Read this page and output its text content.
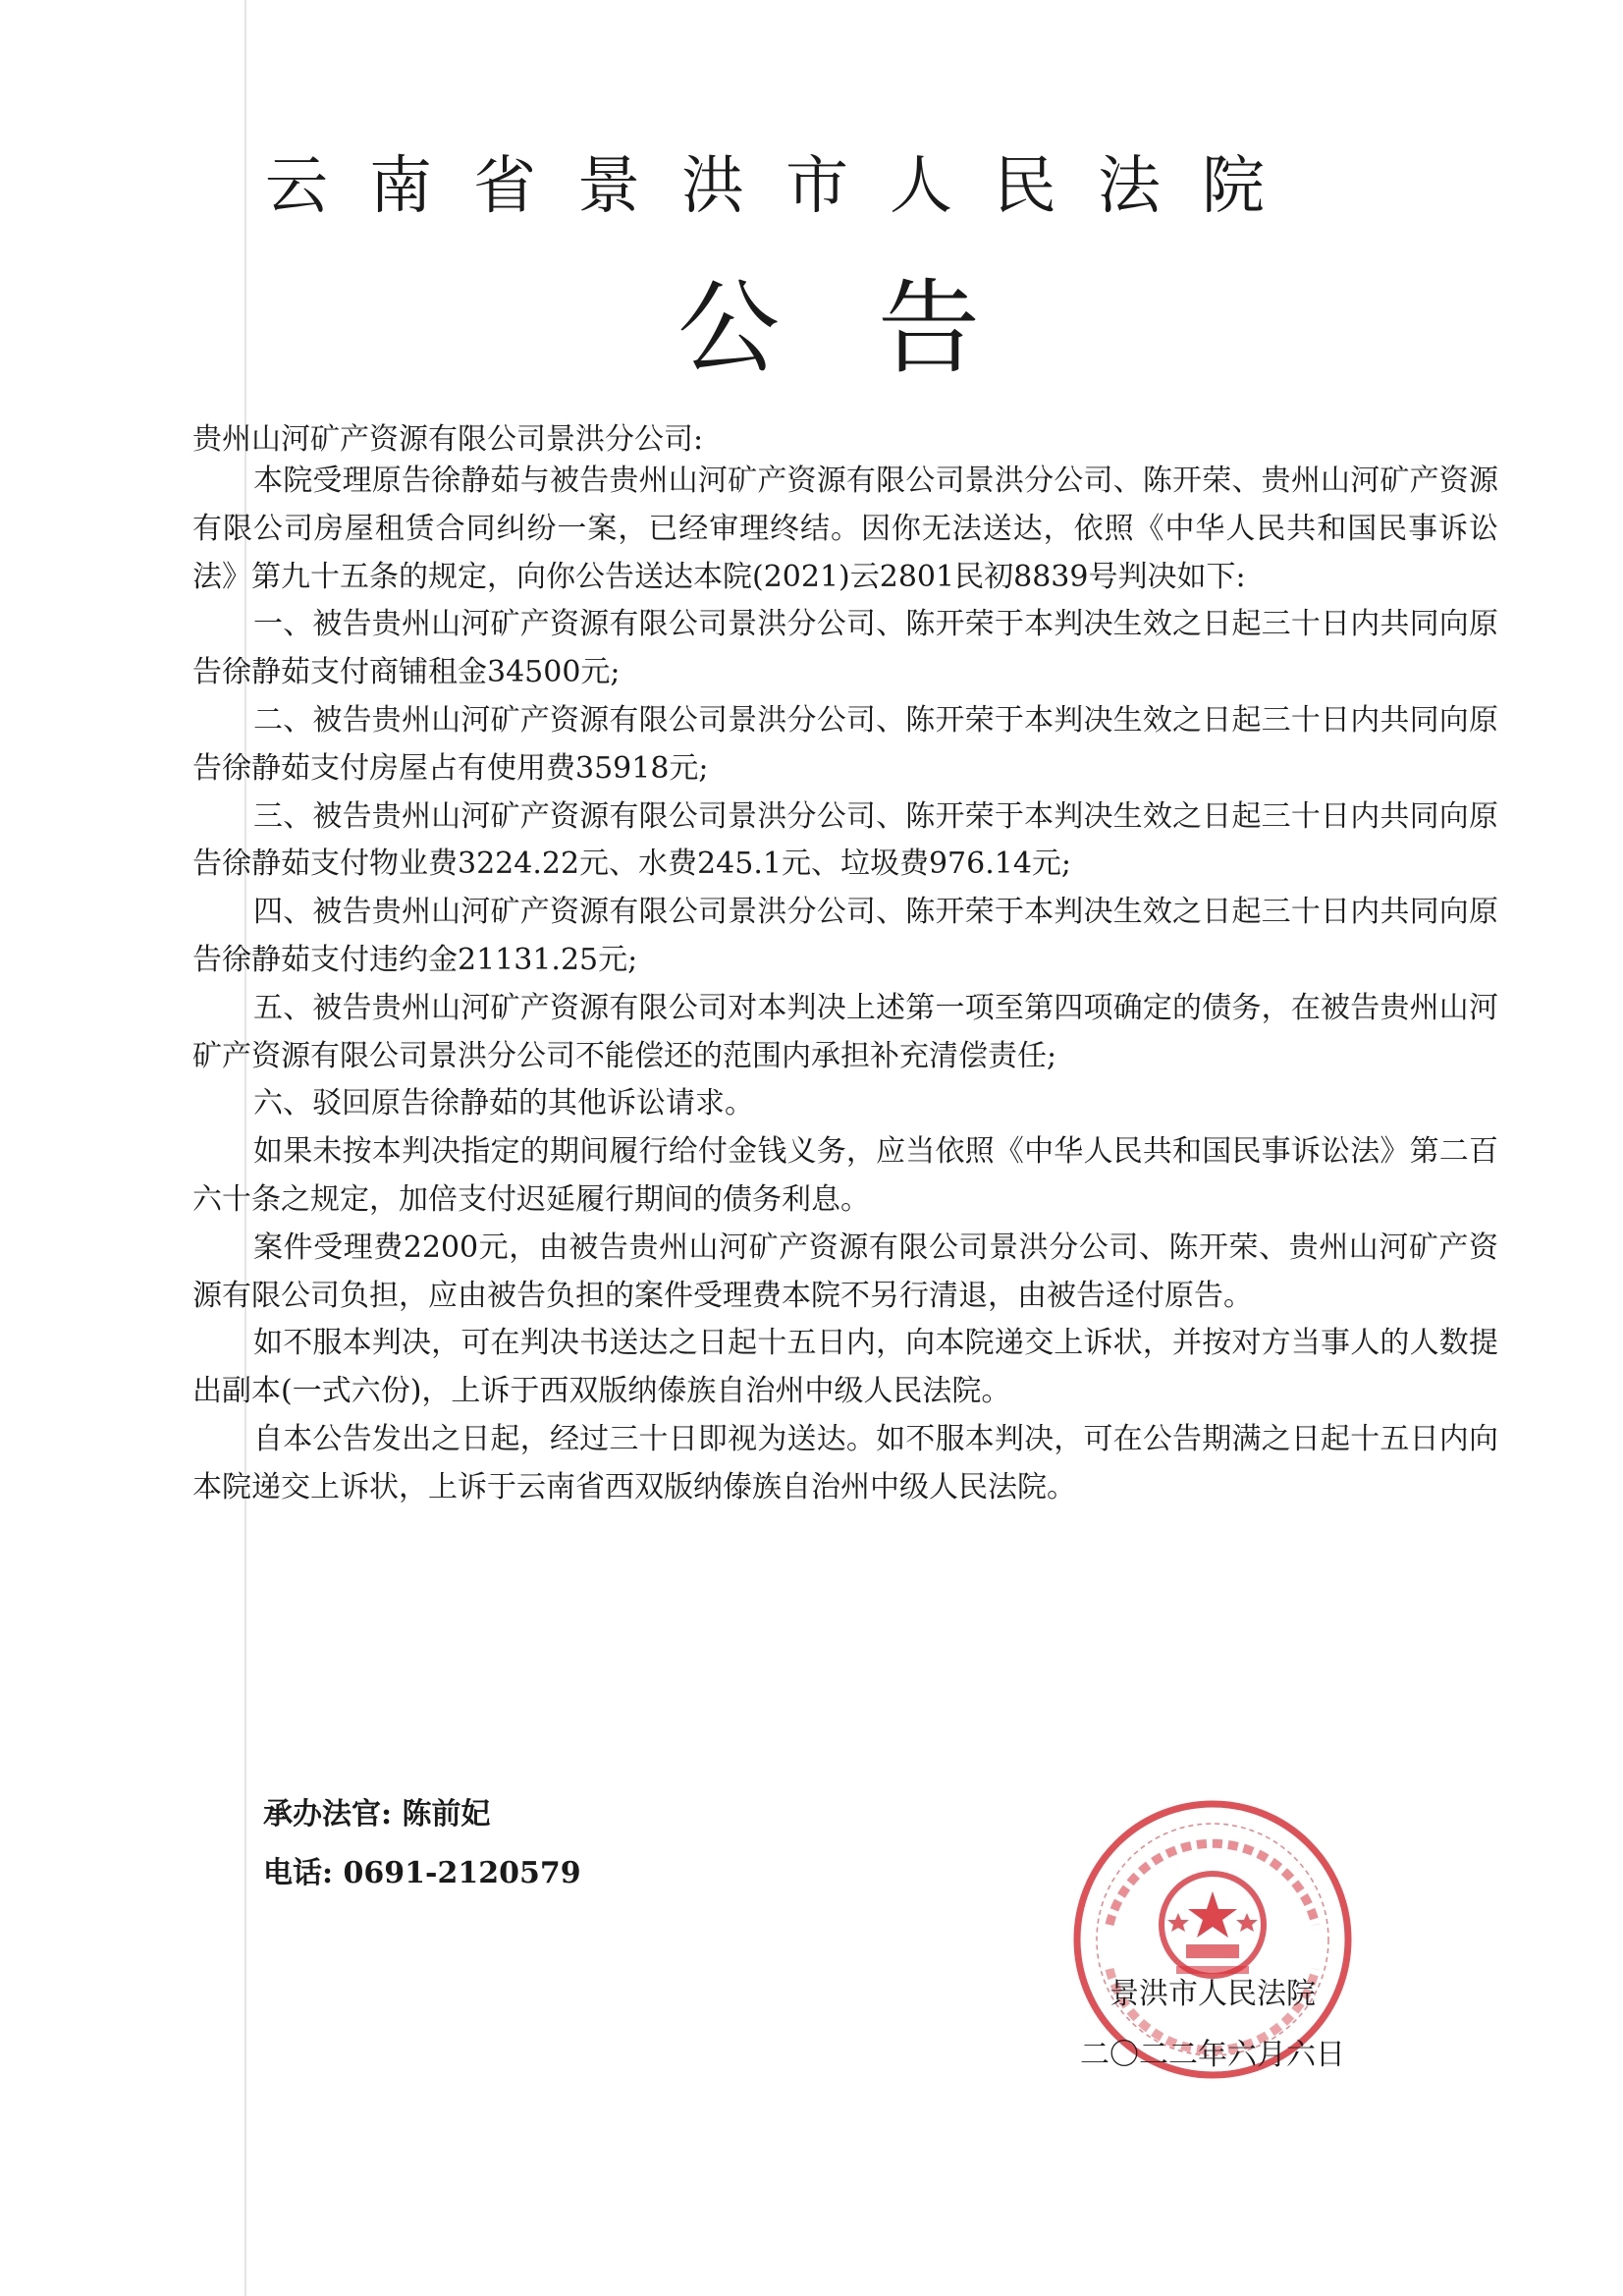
云南省景洪市人民法院
公告
贵州山河矿产资源有限公司景洪分公司:

本院受理原告徐静茹与被告贵州山河矿产资源有限公司景洪分公司、陈开荣、贵州山河矿产资源有限公司房屋租赁合同纠纷一案，已经审理终结。因你无法送达，依照《中华人民共和国民事诉讼法》第九十五条的规定，向你公告送达本院(2021)云2801民初8839号判决如下:

一、被告贵州山河矿产资源有限公司景洪分公司、陈开荣于本判决生效之日起三十日内共同向原告徐静茹支付商铺租金34500元;

二、被告贵州山河矿产资源有限公司景洪分公司、陈开荣于本判决生效之日起三十日内共同向原告徐静茹支付房屋占有使用费35918元;

三、被告贵州山河矿产资源有限公司景洪分公司、陈开荣于本判决生效之日起三十日内共同向原告徐静茹支付物业费3224.22元、水费245.1元、垃圾费976.14元;

四、被告贵州山河矿产资源有限公司景洪分公司、陈开荣于本判决生效之日起三十日内共同向原告徐静茹支付违约金21131.25元;

五、被告贵州山河矿产资源有限公司对本判决上述第一项至第四项确定的债务，在被告贵州山河矿产资源有限公司景洪分公司不能偿还的范围内承担补充清偿责任;

六、驳回原告徐静茹的其他诉讼请求。

如果未按本判决指定的期间履行给付金钱义务，应当依照《中华人民共和国民事诉讼法》第二百六十条之规定，加倍支付迟延履行期间的债务利息。

案件受理费2200元，由被告贵州山河矿产资源有限公司景洪分公司、陈开荣、贵州山河矿产资源有限公司负担，应由被告负担的案件受理费本院不另行清退，由被告迳付原告。

如不服本判决，可在判决书送达之日起十五日内，向本院递交上诉状，并按对方当事人的人数提出副本(一式六份)，上诉于西双版纳傣族自治州中级人民法院。

自本公告发出之日起，经过三十日即视为送达。如不服本判决，可在公告期满之日起十五日内向本院递交上诉状，上诉于云南省西双版纳傣族自治州中级人民法院。

承办法官: 陈前妃
电话: 0691-2120579
景洪市人民法院
二〇二二年六月六日
